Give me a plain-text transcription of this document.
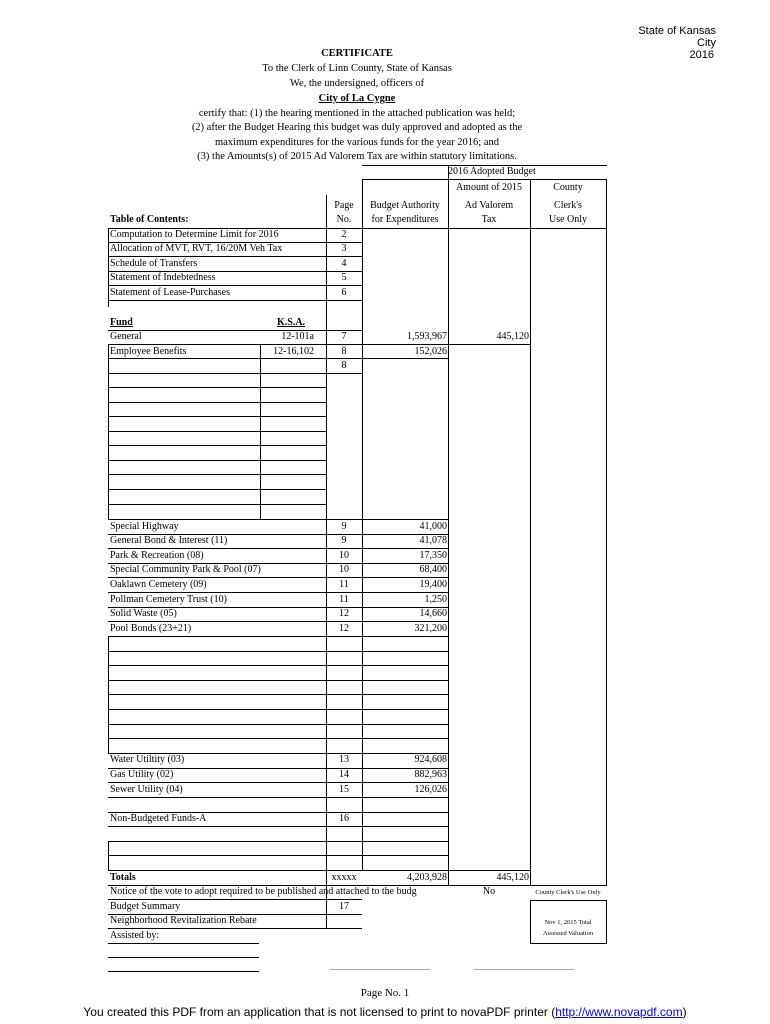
State of Kansas
City
2016
CERTIFICATE
To the Clerk of Linn County, State of Kansas
We, the undersigned, officers of
City of La Cygne
certify that: (1) the hearing mentioned in the attached publication was held;
(2) after the Budget Hearing this budget was duly approved and adopted as the
maximum expenditures for the various funds for the year 2016; and
(3) the Amounts(s) of 2015 Ad Valorem Tax are within statutory limitations.
2016 Adopted Budget
Amount of 2015
Ad Valorem
Tax
County
Clerk's
Use Only
Page
No.
Budget Authority
for Expenditures
Table of Contents:
Computation to Determine Limit for 2016	2
Allocation of MVT, RVT, 16/20M Veh Tax	3
Schedule of Transfers	4
Statement of Indebtedness	5
Statement of Lease-Purchases	6
Fund	K.S.A.
General	12-101a	7	1,593,967	445,120
Employee Benefits	12-16,102	8	152,026
8
Special Highway	9	41,000
General Bond & Interest (11)	9	41,078
Park & Recreation (08)	10	17,350
Special Community Park & Pool (07)	10	68,400
Oaklawn Cemetery (09)	11	19,400
Pollman Cemetery Trust (10)	11	1,250
Solid Waste (05)	12	14,660
Pool Bonds (23+21)	12	321,200
Water Utiltity (03)	13	924,608
Gas Utility (02)	14	882,963
Sewer Utility (04)	15	126,026
Non-Budgeted Funds-A	16
Totals	xxxxx	4,203,928	445,120
Notice of the vote to adopt required to be published and attached to the budg	No	County Clerk's Use Only
Budget Summary	17
Neighborhood Revitalization Rebate
Assisted by:
Nov 1, 2015 Total
Assessed Valuation
____________________	____________________
Page No. 1
You created this PDF from an application that is not licensed to print to novaPDF printer (http://www.novapdf.com)
